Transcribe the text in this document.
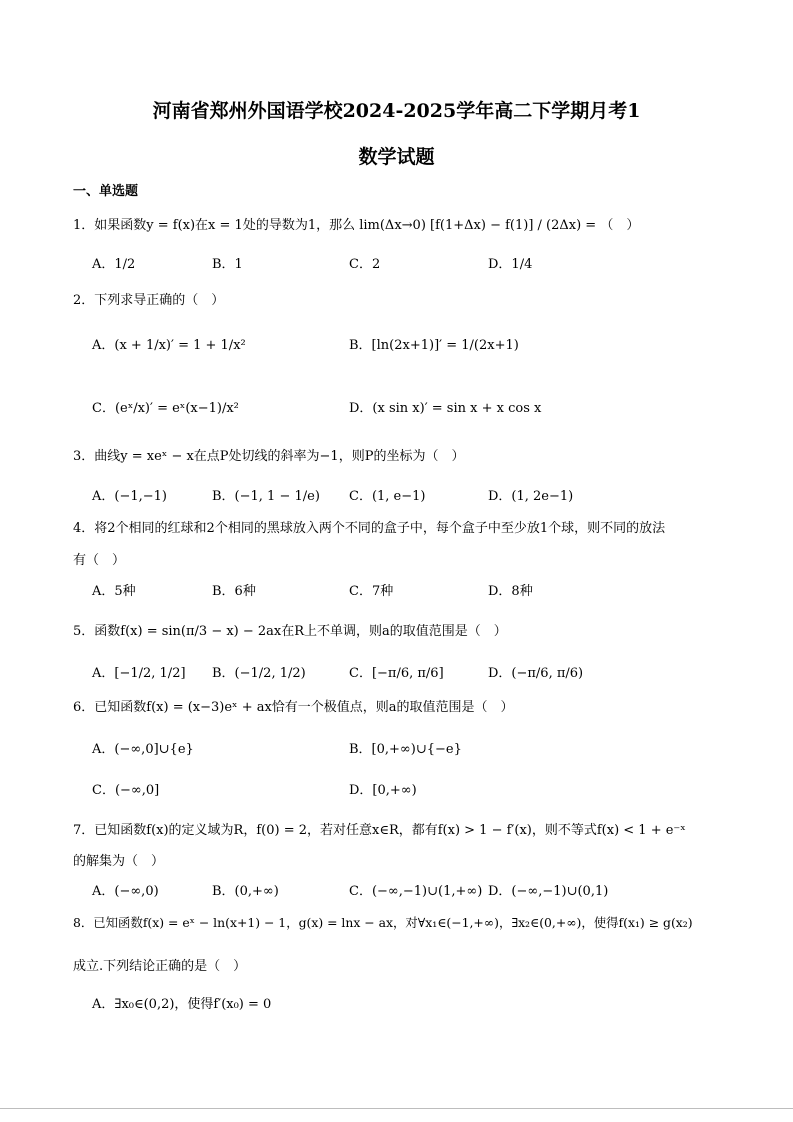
河南省郑州外国语学校2024-2025学年高二下学期月考1
数学试题
一、单选题
1．如果函数y = f(x)在x = 1处的导数为1，那么 lim(Δx→0) [f(1+Δx) − f(1)] / (2Δx) = （　）
A．1/2	B．1	C．2	D．1/4
2．下列求导正确的（　）
A．(x + 1/x)′ = 1 + 1/x²	B．[ln(2x+1)]′ = 1/(2x+1)
C．(eˣ/x)′ = eˣ(x−1)/x²	D．(x sin x)′ = sin x + x cos x
3．曲线y = xeˣ − x在点P处切线的斜率为−1，则P的坐标为（　）
A．(−1,−1)	B．(−1, 1 − 1/e) C．(1, e−1)	D．(1, 2e−1)
4．将2个相同的红球和2个相同的黑球放入两个不同的盒子中，每个盒子中至少放1个球，则不同的放法
有（　）
A．5种	B．6种	C．7种	D．8种
5．函数f(x) = sin(π/3 − x) − 2ax在R上不单调，则a的取值范围是（　）
A．[−1/2, 1/2] B．(−1/2, 1/2)	C．[−π/6, π/6]	D．(−π/6, π/6)
6．已知函数f(x) = (x−3)eˣ + ax恰有一个极值点，则a的取值范围是（　）
A．(−∞,0]∪{e}	B．[0,+∞)∪{−e}
C．(−∞,0]	D．[0,+∞)
7．已知函数f(x)的定义域为R，f(0) = 2，若对任意x∈R，都有f(x) > 1 − f′(x)，则不等式f(x) < 1 + e⁻ˣ
的解集为（　）
A．(−∞,0)	B．(0,+∞)	C．(−∞,−1)∪(1,+∞) D．(−∞,−1)∪(0,1)
8．已知函数f(x) = eˣ − ln(x+1) − 1，g(x) = lnx − ax，对∀x₁∈(−1,+∞)，∃x₂∈(0,+∞)，使得f(x₁) ≥ g(x₂)
成立.下列结论正确的是（　）
A．∃x₀∈(0,2)，使得f′(x₀) = 0
